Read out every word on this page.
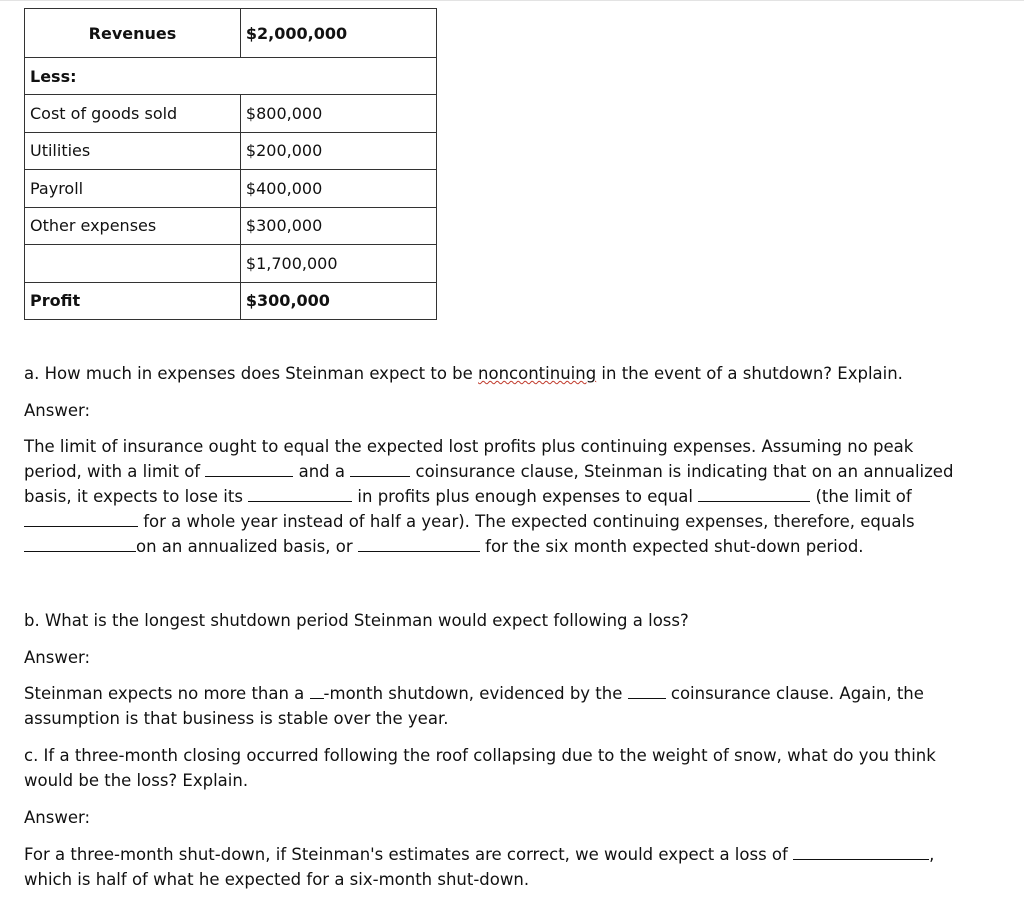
Revenues	$2,000,000
Less:	
Cost of goods sold	$800,000
Utilities	$200,000
Payroll	$400,000
Other expenses	$300,000
	$1,700,000
Profit	$300,000

a. How much in expenses does Steinman expect to be noncontinuing in the event of a shutdown? Explain.

Answer:

The limit of insurance ought to equal the expected lost profits plus continuing expenses. Assuming no peak
period, with a limit of	and a	coinsurance clause, Steinman is indicating that on an annualized
basis, it expects to lose its	in profits plus enough expenses to equal	(the limit of
for a whole year instead of half a year). The expected continuing expenses, therefore, equals
on an annualized basis, or	for the six month expected shut-down period.

b. What is the longest shutdown period Steinman would expect following a loss?

Answer:

Steinman expects no more than a -month shutdown, evidenced by the  coinsurance clause. Again, the
assumption is that business is stable over the year.

c. If a three-month closing occurred following the roof collapsing due to the weight of snow, what do you think
would be the loss? Explain.

Answer:

For a three-month shut-down, if Steinman's estimates are correct, we would expect a loss of	,
which is half of what he expected for a six-month shut-down.
